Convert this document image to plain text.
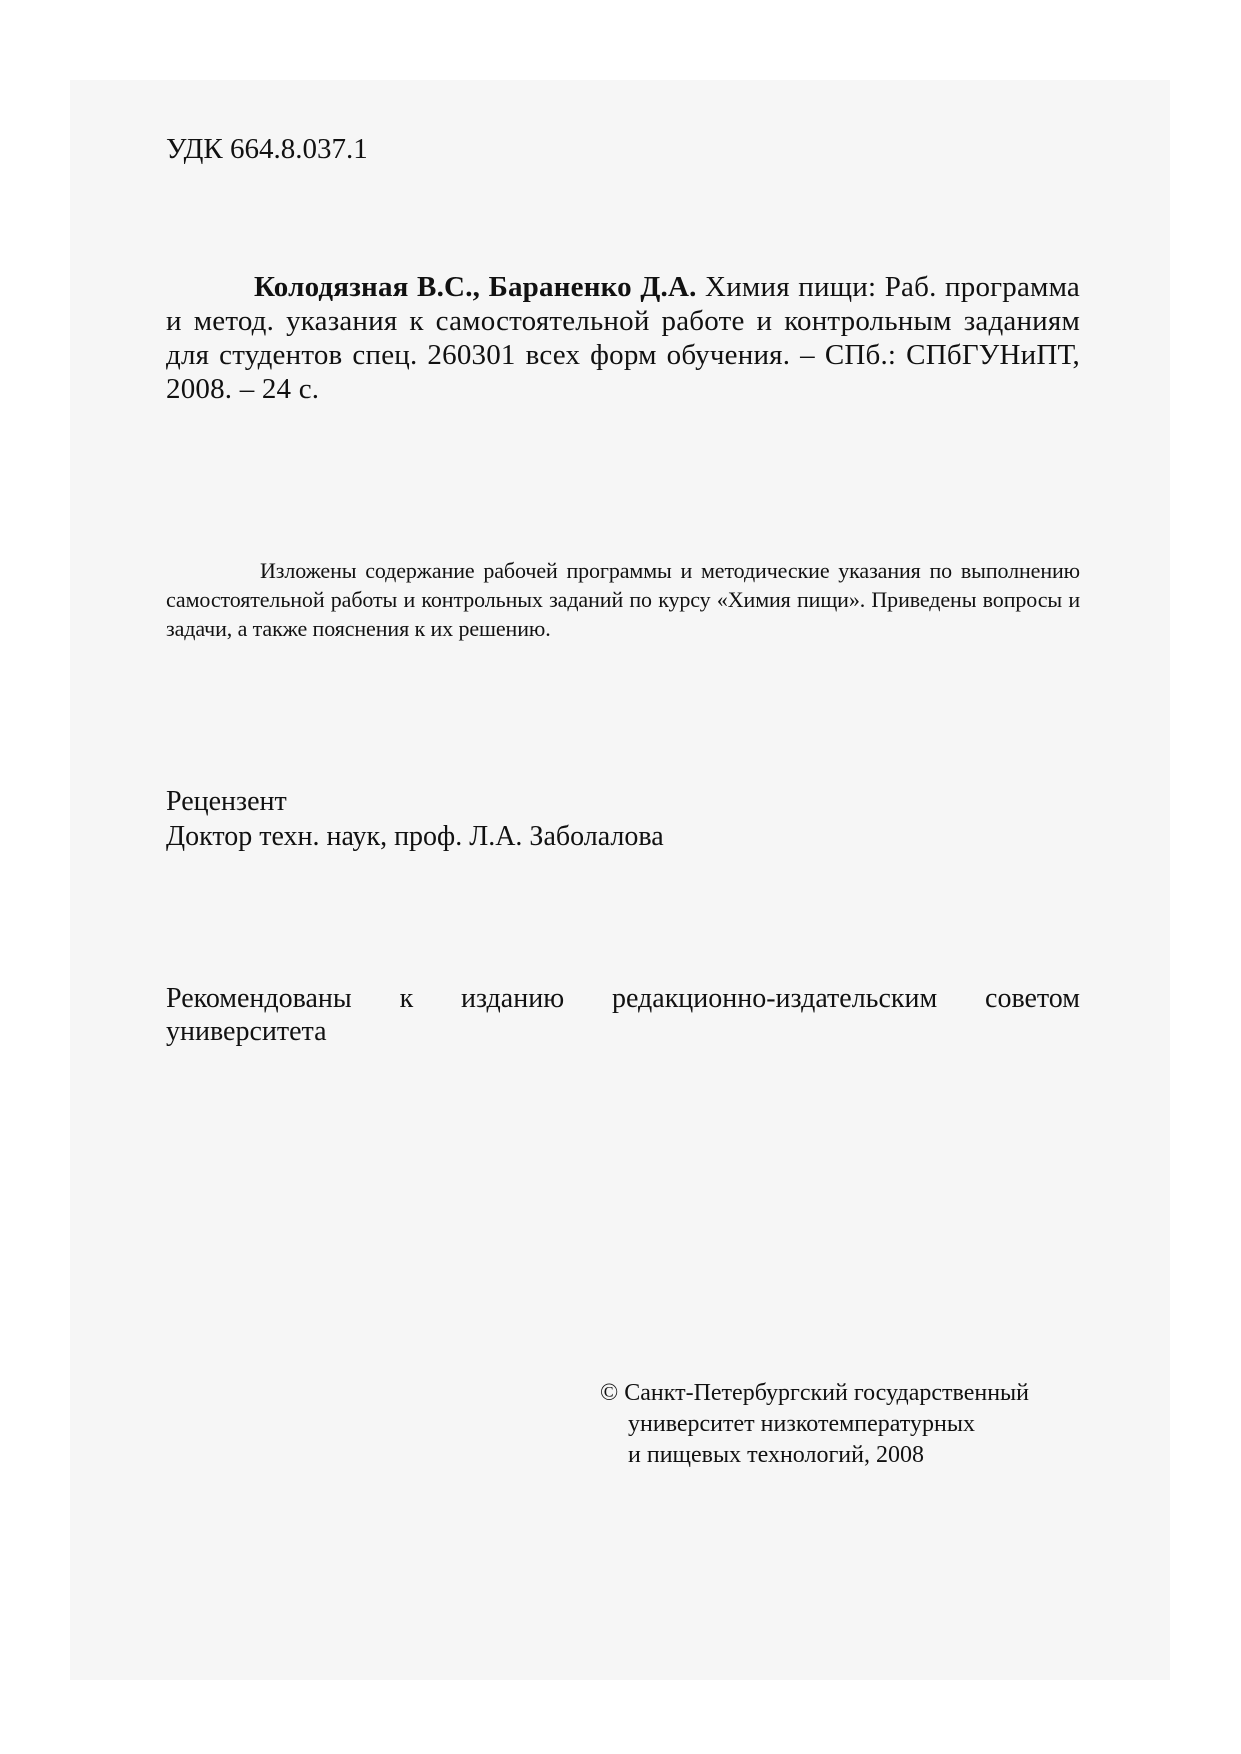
УДК 664.8.037.1
Колодязная В.С., Бараненко Д.А. Химия пищи: Раб. программа и метод. указания к самостоятельной работе и контрольным заданиям для студентов спец. 260301 всех форм обучения. – СПб.: СПбГУНиПТ, 2008. – 24 с.
Изложены содержание рабочей программы и методические указания по выполнению самостоятельной работы и контрольных заданий по курсу «Химия пищи». Приведены вопросы и задачи, а также пояснения к их решению.
Рецензент
Доктор техн. наук, проф. Л.А. Заболалова
Рекомендованы к изданию редакционно-издательским советом университета
© Санкт-Петербургский государственный
университет низкотемпературных
и пищевых технологий, 2008
